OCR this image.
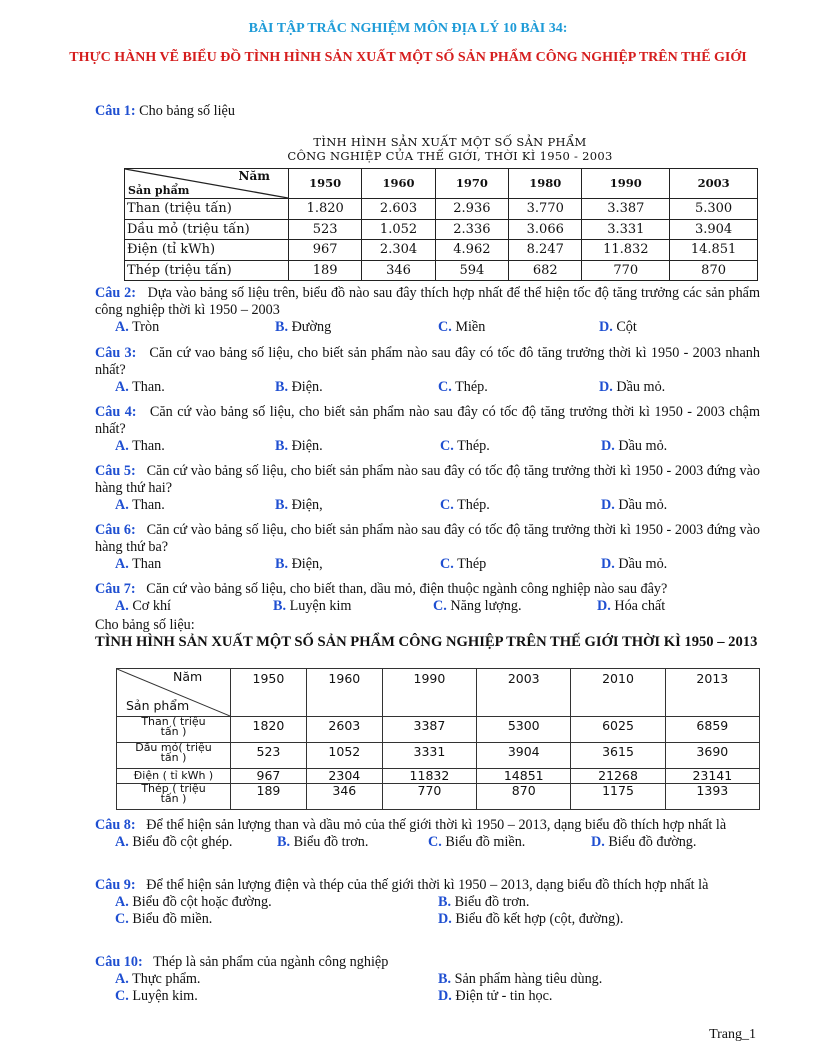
BÀI TẬP TRẮC NGHIỆM MÔN ĐỊA LÝ 10 BÀI 34:
THỰC HÀNH VẼ BIỂU ĐỒ TÌNH HÌNH SẢN XUẤT MỘT SỐ SẢN PHẨM CÔNG NGHIỆP TRÊN THẾ GIỚI
Câu 1: Cho bảng số liệu
TÌNH HÌNH SẢN XUẤT MỘT SỐ SẢN PHẨM
CÔNG NGHIỆP CỦA THẾ GIỚI, THỜI KÌ 1950 - 2003
Năm
Sản phẩm	1950	1960	1970	1980	1990	2003
Than (triệu tấn)	1.820	2.603	2.936	3.770	3.387	5.300
Dầu mỏ (triệu tấn)	523	1.052	2.336	3.066	3.331	3.904
Điện (tỉ kWh)	967	2.304	4.962	8.247	11.832	14.851
Thép (triệu tấn)	189	346	594	682	770	870
Câu 2: Dựa vào bảng số liệu trên, biểu đồ nào sau đây thích hợp nhất để thể hiện tốc độ tăng trưởng các sản phẩm công nghiệp thời kì 1950 – 2003
A. Tròn	B. Đường	C. Miền	D. Cột
Câu 3: Căn cứ vao bảng số liệu, cho biết sản phẩm nào sau đây có tốc đô tăng trưởng thời kì 1950 - 2003 nhanh nhất?
A. Than.	B. Điện.	C. Thép.	D. Dầu mỏ.
Câu 4: Căn cứ vào bảng số liệu, cho biết sản phẩm nào sau đây có tốc độ tăng trưởng thời kì 1950 - 2003 chậm nhất?
A. Than.	B. Điện.	C. Thép.	D. Dầu mỏ.
Câu 5: Căn cứ vào bảng số liệu, cho biết sản phẩm nào sau đây có tốc độ tăng trưởng thời kì 1950 - 2003 đứng vào hàng thứ hai?
A. Than.	B. Điện,	C. Thép.	D. Dầu mỏ.
Câu 6: Căn cứ vào bảng số liệu, cho biết sản phẩm nào sau đây có tốc độ tăng trưởng thời kì 1950 - 2003 đứng vào hàng thứ ba?
A. Than	B. Điện,	C. Thép	D. Dầu mỏ.
Câu 7: Căn cứ vào bảng số liệu, cho biết than, dầu mỏ, điện thuộc ngành công nghiệp nào sau đây?
A. Cơ khí	B. Luyện kim	C. Năng lượng.	D. Hóa chất
Cho bảng số liệu:
TÌNH HÌNH SẢN XUẤT MỘT SỐ SẢN PHẨM CÔNG NGHIỆP TRÊN THẾ GIỚI THỜI KÌ 1950 – 2013
Năm
Sản phẩm	1950	1960	1990	2003	2010	2013

Than ( triệu
tấn )	1820	2603	3387	5300	6025	6859

Dầu mỏ( triệu
tấn )	523	1052	3331	3904	3615	3690

Điện ( tỉ kWh )	967	2304	11832	14851	21268	23141

Thép ( triệu
tấn )	189	346	770	870	1175	1393
Câu 8: Để thể hiện sản lượng than và dầu mỏ của thế giới thời kì 1950 – 2013, dạng biểu đồ thích hợp nhất là
A. Biểu đồ cột ghép.	B. Biểu đồ trơn.	C. Biểu đồ miền.	D. Biểu đồ đường.
Câu 9: Để thể hiện sản lượng điện và thép của thế giới thời kì 1950 – 2013, dạng biểu đồ thích hợp nhất là
A. Biểu đồ cột hoặc đường.	B. Biểu đồ trơn.
C. Biểu đồ miền.	D. Biểu đồ kết hợp (cột, đường).
Câu 10: Thép là sản phẩm của ngành công nghiệp
A. Thực phẩm.	B. Sản phẩm hàng tiêu dùng.
C. Luyện kim.	D. Điện tử - tin học.
Trang_1
